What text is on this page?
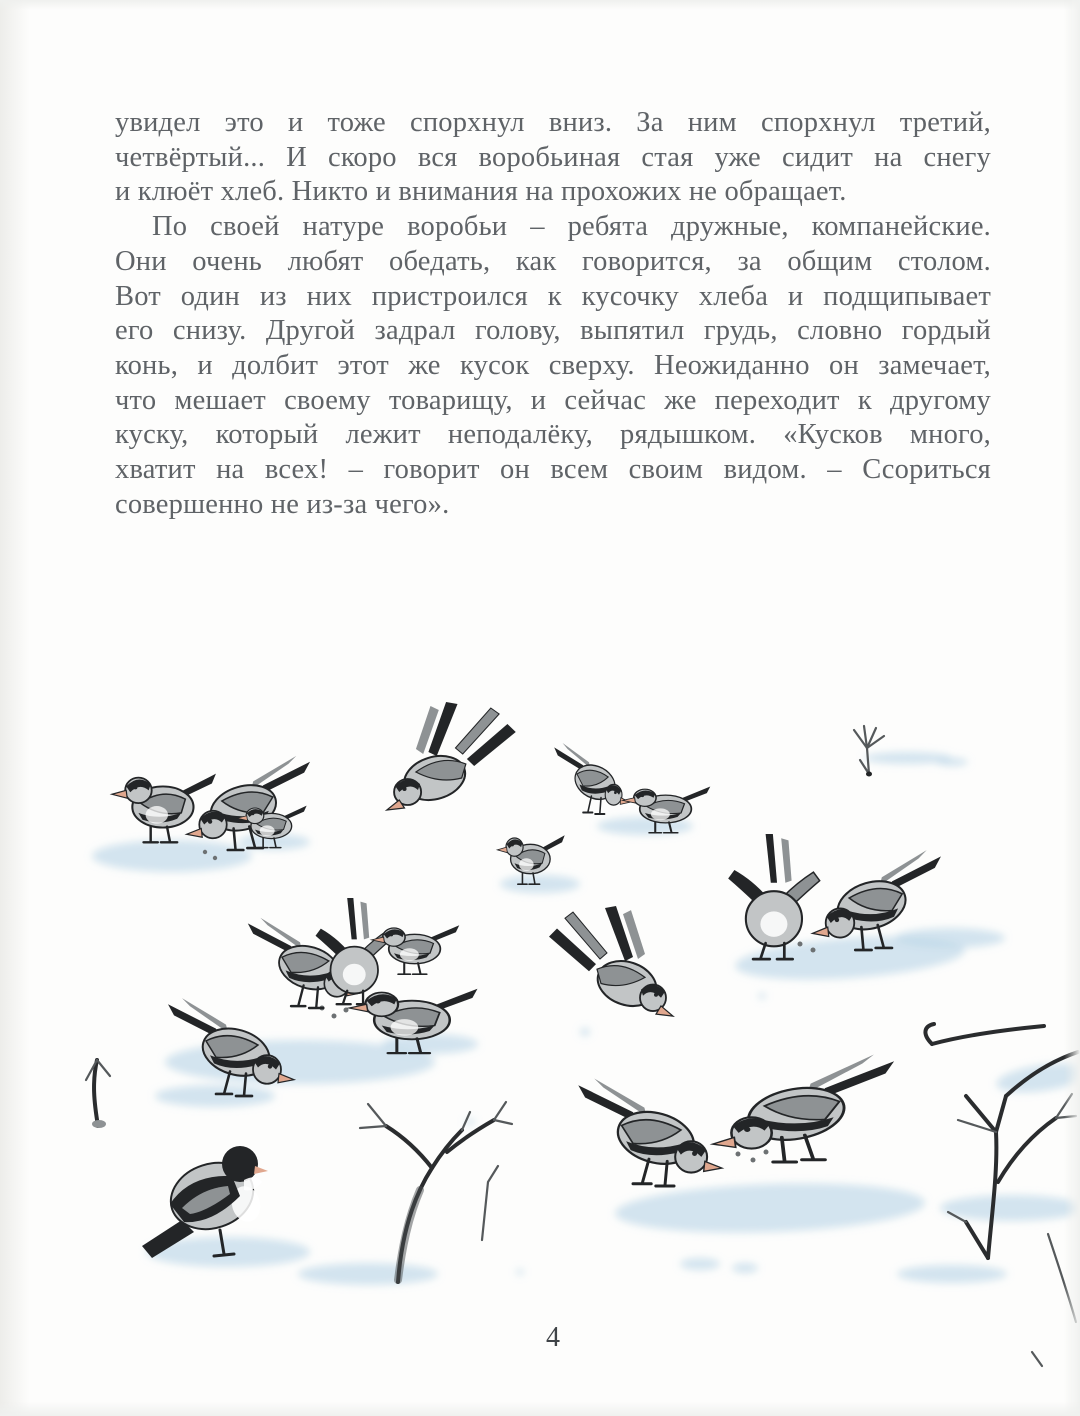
увидел это и тоже спорхнул вниз. За ним спорхнул третий,
четвёртый... И скоро вся воробьиная стая уже сидит на снегу
и клюёт хлеб. Никто и внимания на прохожих не обращает.
По своей натуре воробьи – ребята дружные, компанейские.
Они очень любят обедать, как говорится, за общим столом.
Вот один из них пристроился к кусочку хлеба и подщипывает
его снизу. Другой задрал голову, выпятил грудь, словно гордый
конь, и долбит этот же кусок сверху. Неожиданно он замечает,
что мешает своему товарищу, и сейчас же переходит к другому
куску, который лежит неподалёку, рядышком. «Кусков много,
хватит на всех! – говорит он всем своим видом. – Ссориться
совершенно не из-за чего».
4
